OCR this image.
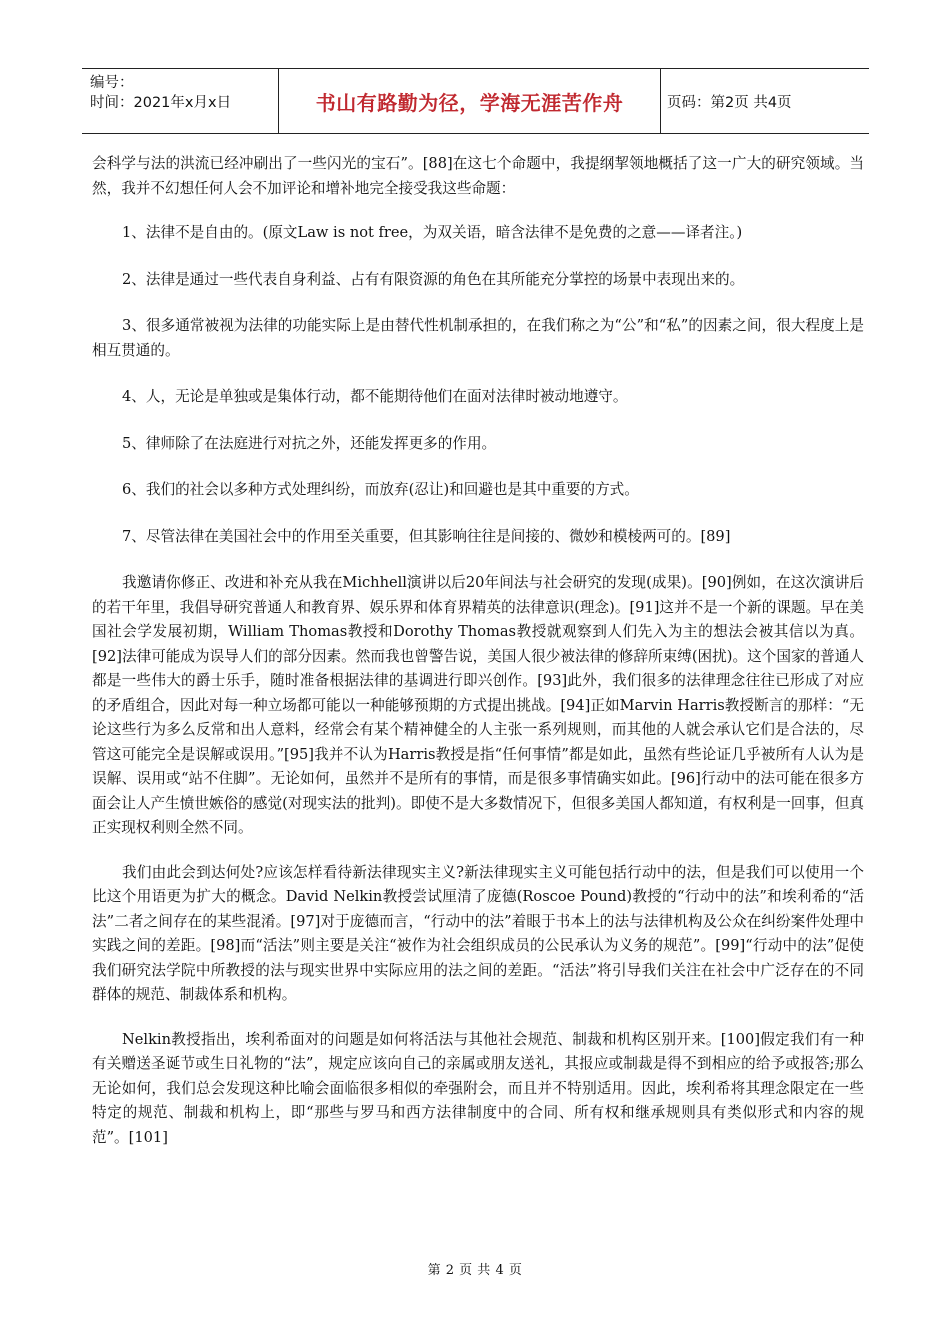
编号：
时间：2021年x月x日	书山有路勤为径，学海无涯苦作舟	页码：第2页 共4页

会科学与法的洪流已经冲刷出了一些闪光的宝石”。[88]在这七个命题中，我提纲挈领地概括了这一广大的研究领域。当然，我并不幻想任何人会不加评论和增补地完全接受我这些命题：

1、法律不是自由的。(原文Law is not free，为双关语，暗含法律不是免费的之意——译者注。)

2、法律是通过一些代表自身利益、占有有限资源的角色在其所能充分掌控的场景中表现出来的。

3、很多通常被视为法律的功能实际上是由替代性机制承担的，在我们称之为“公”和“私”的因素之间，很大程度上是相互贯通的。

4、人，无论是单独或是集体行动，都不能期待他们在面对法律时被动地遵守。

5、律师除了在法庭进行对抗之外，还能发挥更多的作用。

6、我们的社会以多种方式处理纠纷，而放弃(忍让)和回避也是其中重要的方式。

7、尽管法律在美国社会中的作用至关重要，但其影响往往是间接的、微妙和模棱两可的。[89]

我邀请你修正、改进和补充从我在Michhell演讲以后20年间法与社会研究的发现(成果)。[90]例如，在这次演讲后的若干年里，我倡导研究普通人和教育界、娱乐界和体育界精英的法律意识(理念)。[91]这并不是一个新的课题。早在美国社会学发展初期，William Thomas教授和Dorothy Thomas教授就观察到人们先入为主的想法会被其信以为真。[92]法律可能成为误导人们的部分因素。然而我也曾警告说，美国人很少被法律的修辞所束缚(困扰)。这个国家的普通人都是一些伟大的爵士乐手，随时准备根据法律的基调进行即兴创作。[93]此外，我们很多的法律理念往往已形成了对应的矛盾组合，因此对每一种立场都可能以一种能够预期的方式提出挑战。[94]正如Marvin Harris教授断言的那样：“无论这些行为多么反常和出人意料，经常会有某个精神健全的人主张一系列规则，而其他的人就会承认它们是合法的，尽管这可能完全是误解或误用。”[95]我并不认为Harris教授是指“任何事情”都是如此，虽然有些论证几乎被所有人认为是误解、误用或“站不住脚”。无论如何，虽然并不是所有的事情，而是很多事情确实如此。[96]行动中的法可能在很多方面会让人产生愤世嫉俗的感觉(对现实法的批判)。即使不是大多数情况下，但很多美国人都知道，有权利是一回事，但真正实现权利则全然不同。

我们由此会到达何处?应该怎样看待新法律现实主义?新法律现实主义可能包括行动中的法，但是我们可以使用一个比这个用语更为扩大的概念。David Nelkin教授尝试厘清了庞德(Roscoe Pound)教授的“行动中的法”和埃利希的“活法”二者之间存在的某些混淆。[97]对于庞德而言，“行动中的法”着眼于书本上的法与法律机构及公众在纠纷案件处理中实践之间的差距。[98]而“活法”则主要是关注“被作为社会组织成员的公民承认为义务的规范”。[99]“行动中的法”促使我们研究法学院中所教授的法与现实世界中实际应用的法之间的差距。“活法”将引导我们关注在社会中广泛存在的不同群体的规范、制裁体系和机构。

Nelkin教授指出，埃利希面对的问题是如何将活法与其他社会规范、制裁和机构区别开来。[100]假定我们有一种有关赠送圣诞节或生日礼物的“法”，规定应该向自己的亲属或朋友送礼，其报应或制裁是得不到相应的给予或报答;那么无论如何，我们总会发现这种比喻会面临很多相似的牵强附会，而且并不特别适用。因此，埃利希将其理念限定在一些特定的规范、制裁和机构上，即“那些与罗马和西方法律制度中的合同、所有权和继承规则具有类似形式和内容的规范”。[101]

第 2 页 共 4 页
